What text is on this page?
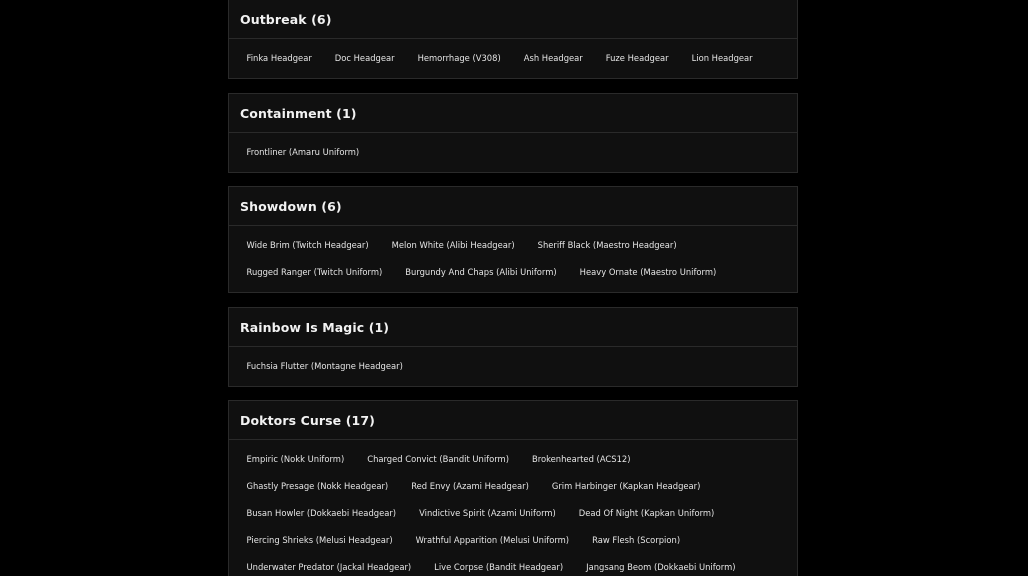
Outbreak (6)
Finka Headgear	Doc Headgear	Hemorrhage (V308)	Ash Headgear	Fuze Headgear	Lion Headgear
Containment (1)
Frontliner (Amaru Uniform)
Showdown (6)
Wide Brim (Twitch Headgear)	Melon White (Alibi Headgear)	Sheriff Black (Maestro Headgear)
Rugged Ranger (Twitch Uniform)	Burgundy And Chaps (Alibi Uniform)	Heavy Ornate (Maestro Uniform)
Rainbow Is Magic (1)
Fuchsia Flutter (Montagne Headgear)
Doktors Curse (17)
Empiric (Nokk Uniform)	Charged Convict (Bandit Uniform)	Brokenhearted (ACS12)
Ghastly Presage (Nokk Headgear)	Red Envy (Azami Headgear)	Grim Harbinger (Kapkan Headgear)
Busan Howler (Dokkaebi Headgear)	Vindictive Spirit (Azami Uniform)	Dead Of Night (Kapkan Uniform)
Piercing Shrieks (Melusi Headgear)	Wrathful Apparition (Melusi Uniform)	Raw Flesh (Scorpion)
Underwater Predator (Jackal Headgear)	Live Corpse (Bandit Headgear)	Jangsang Beom (Dokkaebi Uniform)
